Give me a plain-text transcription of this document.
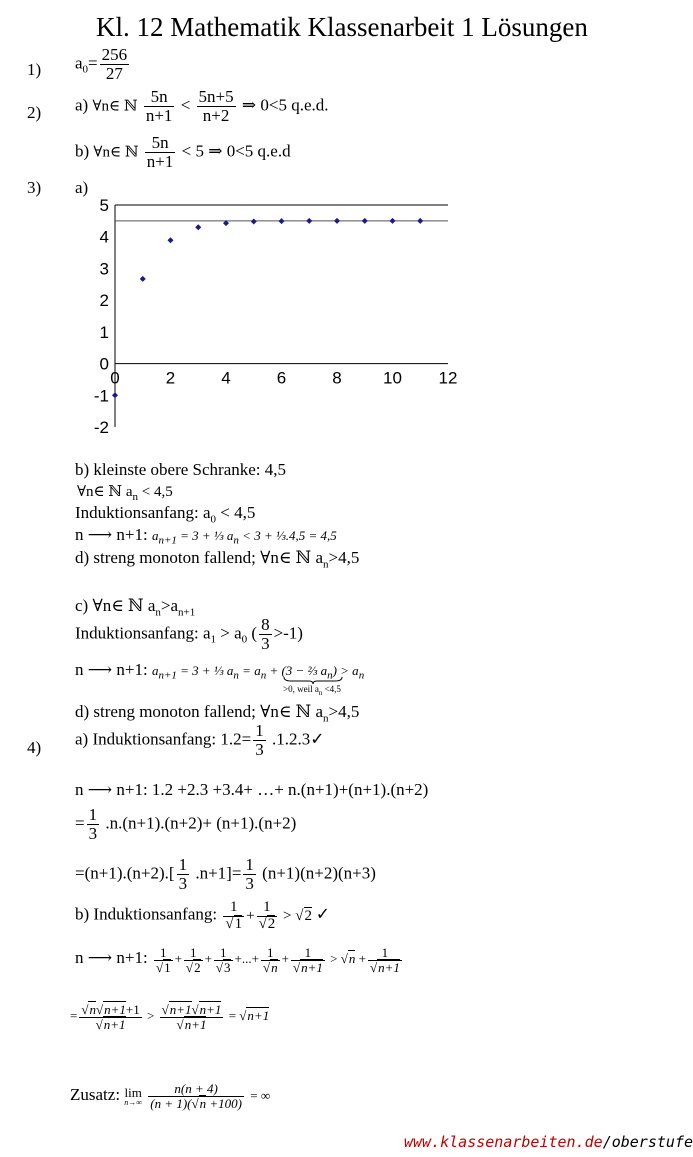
Kl. 12 Mathematik Klassenarbeit 1 Lösungen
1) $a_0= \frac{256}{27}$
2) a) ∀n∈ ℕ $\frac{5n}{n+1} < \frac{5n+5}{n+2}$ ⇒ 0<5 q.e.d.
b) ∀n∈ ℕ $\frac{5n}{n+1} < 5$ ⇒ 0<5 q.e.d
3) a)
0	2	4	6	8 10 12
5
4
3
2
1
0
-1
-2
b) kleinste obere Schranke: 4,5
∀n∈ ℕ $a_n < 4,5$
Induktionsanfang: $a_0 < 4,5$
n ⟶ n+1: $a_{n+1} = 3$ + ⅓ $a_n < 3$ + ⅓.4,5 = 4,5
d) streng monoton fallend; ∀n∈ ℕ $a_n>4,5$
c) ∀n∈ ℕ $a_n>a_{n+1}$
Induktionsanfang: $a_1 > a_0$ ( $\frac{8}{3} >-1$)
n ⟶ n+1: $a_{n+1} = 3$ + ⅓ $a_n = a_n + (3$ − ⅔ $a_n) > a_n$
>0, weil $a_n <4,5$
d) streng monoton fallend; ∀n∈ ℕ $a_n>4,5$
4) a) Induktionsanfang: $1.2= \frac{1}{3}$ .1.2.3✓
n ⟶ n+1: 1.2 +2.3 +3.4+ …+ n.(n+1)+(n+1).(n+2)
= $\frac{1}{3} .n.(n+1).(n+2)+ (n+1).(n+2)$
$=(n+1).(n+2).[ \frac{1}{3} .n+1]= \frac{1}{3} (n+1)(n+2)(n+3)$
b) Induktionsanfang: $\frac{1}{√1} + \frac{1}{√2} > √2$ ✓
n ⟶ n+1: $\frac{1}{√1} + \frac{1}{√2} + \frac{1}{√3}$ +...+ $\frac{1}{√n} + \frac{1}{√n+1} > √n + \frac{1}{√n+1}$
= $\frac{√n√n+1+1}{√n+1} > \frac{√n+1√n+1}{√n+1} = √n+1$
Zusatz: lim
n→∞
$\frac{n(n + 4)}{(n + 1)(√n +100)}$ = ∞
www.klassenarbeiten.de/oberstufe
